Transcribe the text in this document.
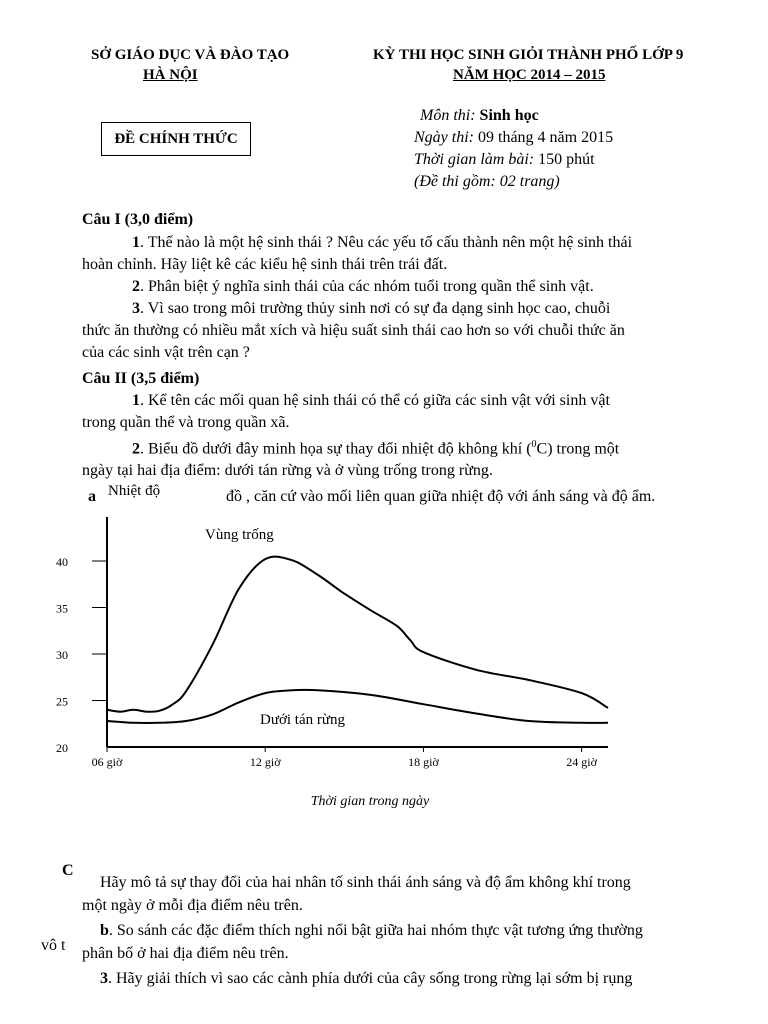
SỞ GIÁO DỤC VÀ ĐÀO TẠO
HÀ NỘI
KỲ THI HỌC SINH GIỎI THÀNH PHỐ LỚP 9
NĂM HỌC 2014 – 2015
ĐỀ CHÍNH THỨC
Môn thi: Sinh học
Ngày thi: 09 tháng 4 năm 2015
Thời gian làm bài: 150 phút
(Đề thi gồm: 02 trang)
Câu I (3,0 điểm)
1. Thế nào là một hệ sinh thái ? Nêu các yếu tố cấu thành nên một hệ sinh thái
hoàn chỉnh. Hãy liệt kê các kiểu hệ sinh thái trên trái đất.
2. Phân biệt ý nghĩa sinh thái của các nhóm tuổi trong quần thể sinh vật.
3. Vì sao trong môi trường thủy sinh nơi có sự đa dạng sinh học cao, chuỗi
thức ăn thường có nhiều mắt xích và hiệu suất sinh thái cao hơn so với chuỗi thức ăn
của các sinh vật trên cạn ?
Câu II (3,5 điểm)
1. Kể tên các mối quan hệ sinh thái có thể có giữa các sinh vật với sinh vật
trong quần thể và trong quần xã.
2. Biểu đồ dưới đây minh họa sự thay đổi nhiệt độ không khí ($^0$C) trong một
ngày tại hai địa điểm: dưới tán rừng và ở vùng trống trong rừng.
a	đồ , căn cứ vào mối liên quan giữa nhiệt độ với ánh sáng và độ ẩm.
20
25
30
35
40
06 giờ	12 giờ	18 giờ	24 giờ
Nhiệt độ
Vùng trống
Dưới tán rừng
Thời gian trong ngày
C
Hãy mô tả sự thay đổi của hai nhân tố sinh thái ánh sáng và độ ẩm không khí trong
một ngày ở mỗi địa điểm nêu trên.
b. So sánh các đặc điểm thích nghi nổi bật giữa hai nhóm thực vật tương ứng thường
vô t phân bố ở hai địa điểm nêu trên.
3. Hãy giải thích vì sao các cành phía dưới của cây sống trong rừng lại sớm bị rụng
